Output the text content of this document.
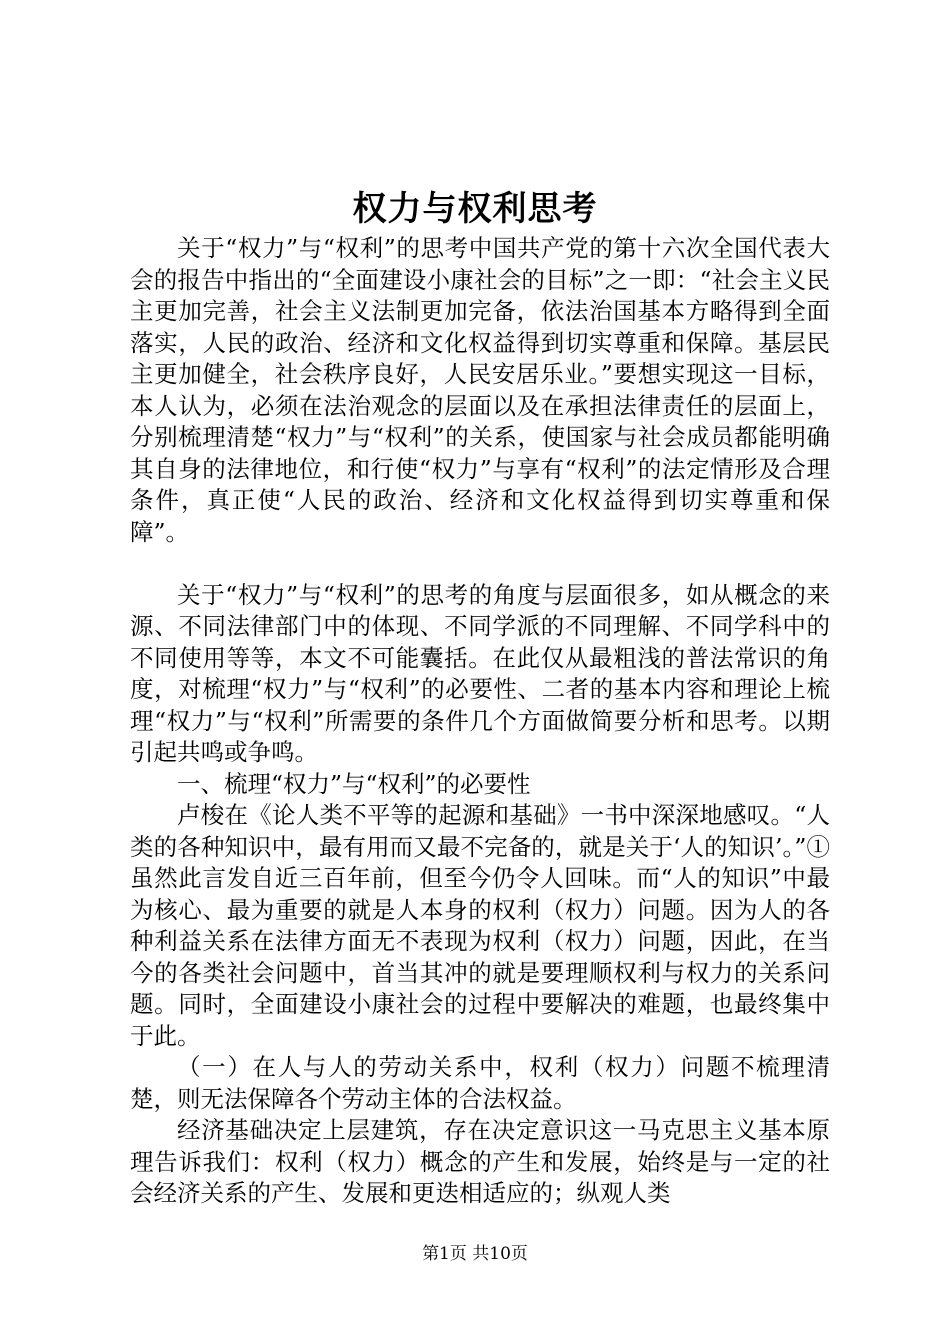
权力与权利思考

关于“权力”与“权利”的思考中国共产党的第十六次全国代表大会的报告中指出的“全面建设小康社会的目标”之一即：“社会主义民主更加完善，社会主义法制更加完备，依法治国基本方略得到全面落实，人民的政治、经济和文化权益得到切实尊重和保障。基层民主更加健全，社会秩序良好，人民安居乐业。”要想实现这一目标，本人认为，必须在法治观念的层面以及在承担法律责任的层面上，分别梳理清楚“权力”与“权利”的关系，使国家与社会成员都能明确其自身的法律地位，和行使“权力”与享有“权利”的法定情形及合理条件，真正使“人民的政治、经济和文化权益得到切实尊重和保障”。

关于“权力”与“权利”的思考的角度与层面很多，如从概念的来源、不同法律部门中的体现、不同学派的不同理解、不同学科中的不同使用等等，本文不可能囊括。在此仅从最粗浅的普法常识的角度，对梳理“权力”与“权利”的必要性、二者的基本内容和理论上梳理“权力”与“权利”所需要的条件几个方面做简要分析和思考。以期引起共鸣或争鸣。

一、梳理“权力”与“权利”的必要性

卢梭在《论人类不平等的起源和基础》一书中深深地感叹。“人类的各种知识中，最有用而又最不完备的，就是关于‘人的知识’。”①虽然此言发自近三百年前，但至今仍令人回味。而“人的知识”中最为核心、最为重要的就是人本身的权利（权力）问题。因为人的各种利益关系在法律方面无不表现为权利（权力）问题，因此，在当今的各类社会问题中，首当其冲的就是要理顺权利与权力的关系问题。同时，全面建设小康社会的过程中要解决的难题，也最终集中于此。

（一）在人与人的劳动关系中，权利（权力）问题不梳理清楚，则无法保障各个劳动主体的合法权益。

经济基础决定上层建筑，存在决定意识这一马克思主义基本原理告诉我们：权利（权力）概念的产生和发展，始终是与一定的社会经济关系的产生、发展和更迭相适应的；纵观人类

第1页 共10页
